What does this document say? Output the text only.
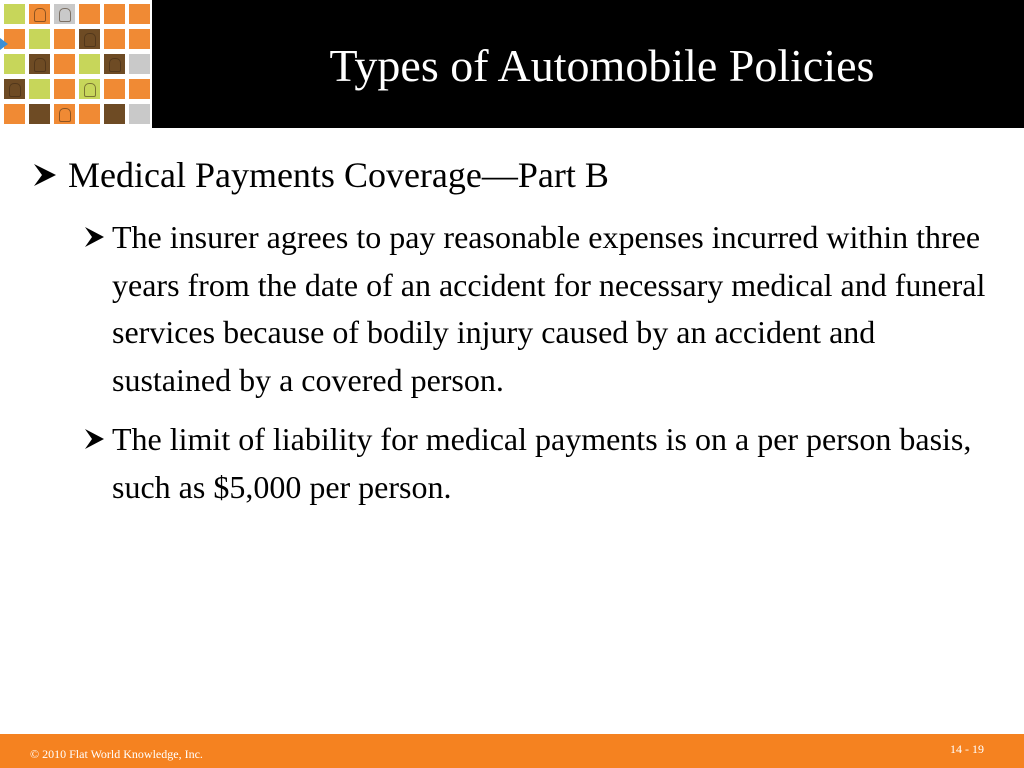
Types of Automobile Policies
Medical Payments Coverage—Part B
The insurer agrees to pay reasonable expenses incurred within three years from the date of an accident for necessary medical and funeral services because of bodily injury caused by an accident and sustained by a covered person.
The limit of liability for medical payments is on a per person basis, such as $5,000 per person.
© 2010 Flat World Knowledge, Inc.	14 - 19
